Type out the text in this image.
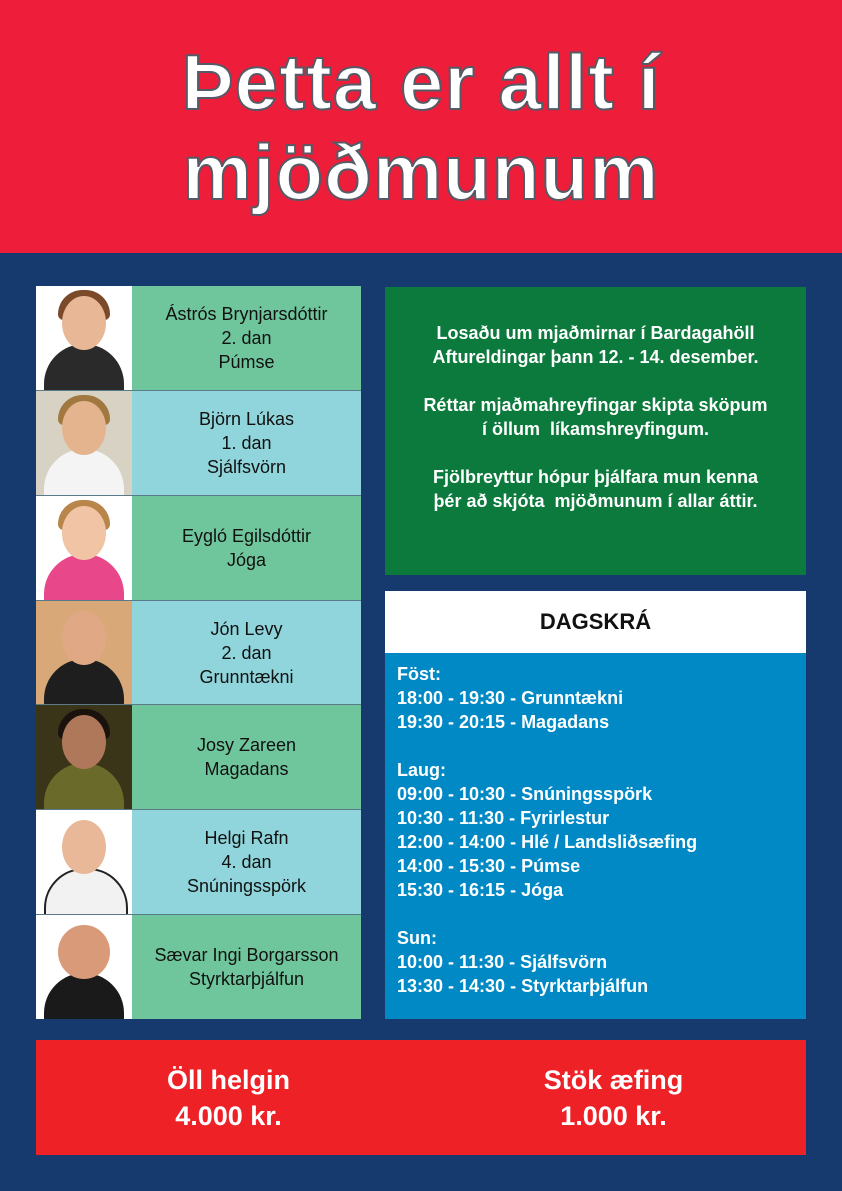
Þetta er allt í
mjöðmunum
Ástrós Brynjarsdóttir
2. dan
Púmse
Björn Lúkas
1. dan
Sjálfsvörn
Eygló Egilsdóttir
Jóga
Jón Levy
2. dan
Grunntækni
Josy Zareen
Magadans
Helgi Rafn
4. dan
Snúningsspörk
Sævar Ingi Borgarsson
Styrktarþjálfun

Losaðu um mjaðmirnar í Bardagahöll
Aftureldingar þann 12. - 14. desember.

Réttar mjaðmahreyfingar skipta sköpum
í öllum  líkamshreyfingum.

Fjölbreyttur hópur þjálfara mun kenna
þér að skjóta  mjöðmunum í allar áttir.

DAGSKRÁ
Föst:
18:00 - 19:30 - Grunntækni
19:30 - 20:15 - Magadans
Laug:
09:00 - 10:30 - Snúningsspörk
10:30 - 11:30 - Fyrirlestur
12:00 - 14:00 - Hlé / Landsliðsæfing
14:00 - 15:30 - Púmse
15:30 - 16:15 - Jóga
Sun:
10:00 - 11:30 - Sjálfsvörn
13:30 - 14:30 - Styrktarþjálfun
Öll helgin
4.000 kr.
Stök æfing
1.000 kr.
